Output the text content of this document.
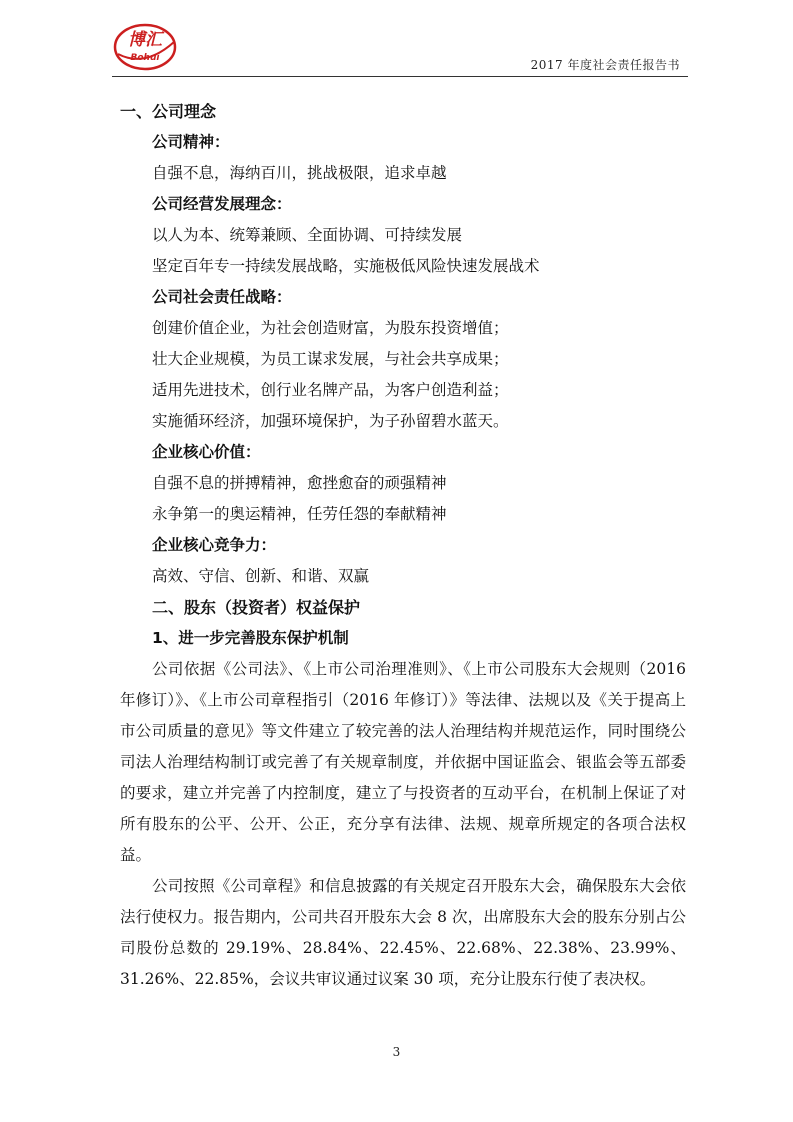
博汇
Bohui	2017 年度社会责任报告书
一、公司理念
公司精神：
自强不息，海纳百川，挑战极限，追求卓越
公司经营发展理念：
以人为本、统筹兼顾、全面协调、可持续发展
坚定百年专一持续发展战略，实施极低风险快速发展战术
公司社会责任战略：
创建价值企业，为社会创造财富，为股东投资增值；
壮大企业规模，为员工谋求发展，与社会共享成果；
适用先进技术，创行业名牌产品，为客户创造利益；
实施循环经济，加强环境保护，为子孙留碧水蓝天。
企业核心价值：
自强不息的拼搏精神，愈挫愈奋的顽强精神
永争第一的奥运精神，任劳任怨的奉献精神
企业核心竞争力：
高效、守信、创新、和谐、双赢
二、股东（投资者）权益保护
1、进一步完善股东保护机制

公司依据《公司法》、《上市公司治理准则》、《上市公司股东大会规则（2016年修订）》、《上市公司章程指引（2016 年修订）》等法律、法规以及《关于提高上市公司质量的意见》等文件建立了较完善的法人治理结构并规范运作，同时围绕公司法人治理结构制订或完善了有关规章制度，并依据中国证监会、银监会等五部委的要求，建立并完善了内控制度，建立了与投资者的互动平台，在机制上保证了对所有股东的公平、公开、公正，充分享有法律、法规、规章所规定的各项合法权益。

公司按照《公司章程》和信息披露的有关规定召开股东大会，确保股东大会依法行使权力。报告期内，公司共召开股东大会 8 次，出席股东大会的股东分别占公司股份总数的 29.19%、28.84%、22.45%、22.68%、22.38%、23.99%、31.26%、22.85%，会议共审议通过议案 30 项，充分让股东行使了表决权。

3
